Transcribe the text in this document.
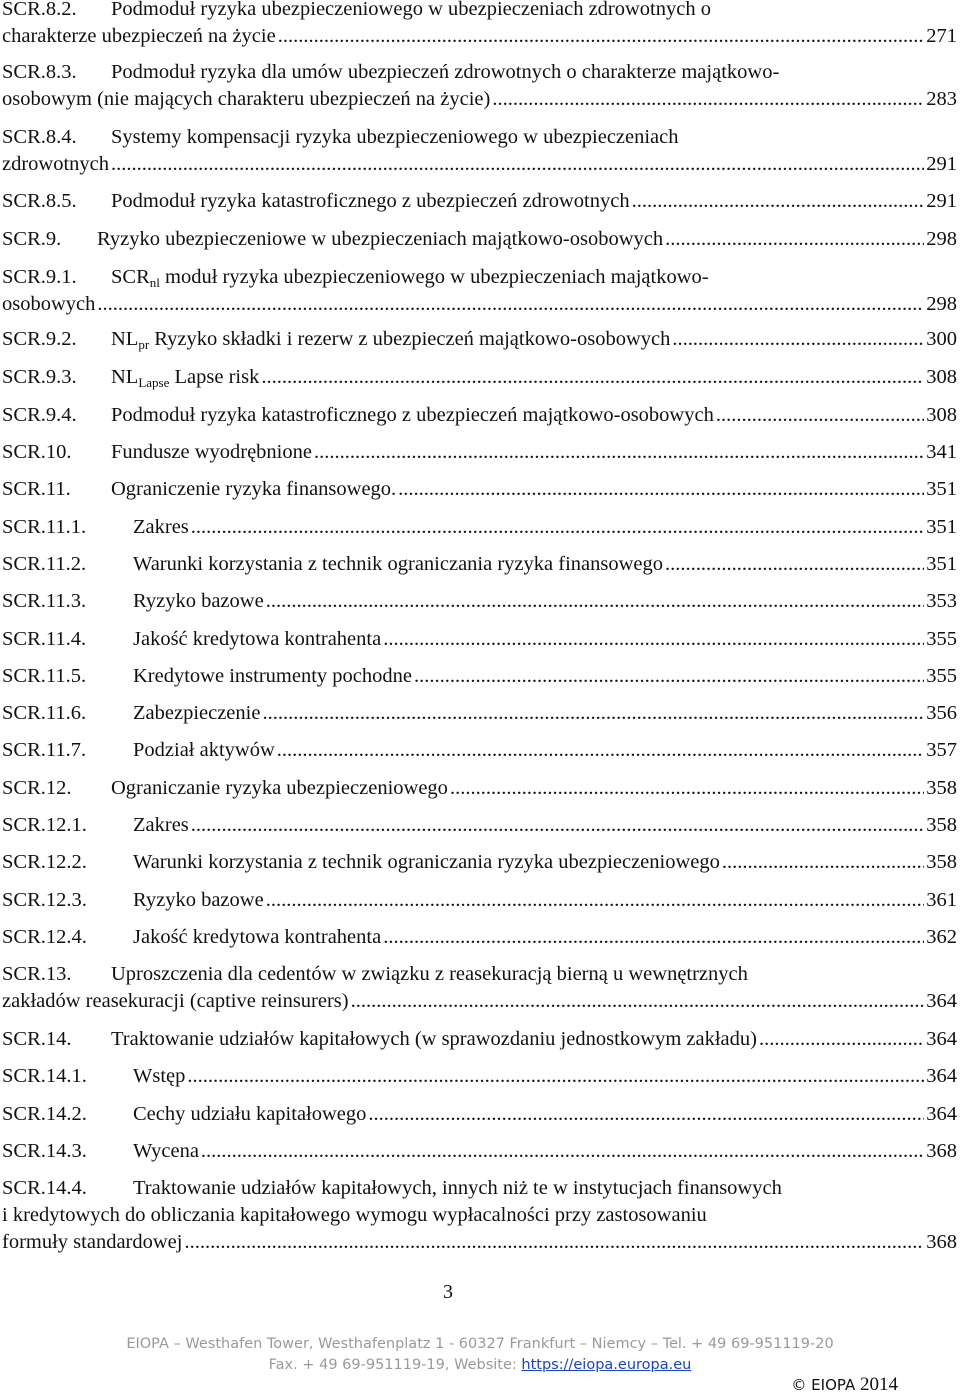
SCR.8.2. Podmoduł ryzyka ubezpieczeniowego w ubezpieczeniach zdrowotnych o
charakterze ubezpieczeń na życie .....	271
SCR.8.3. Podmoduł ryzyka dla umów ubezpieczeń zdrowotnych o charakterze majątkowo-
osobowym (nie mających charakteru ubezpieczeń na życie) .....	283
SCR.8.4. Systemy kompensacji ryzyka ubezpieczeniowego w ubezpieczeniach
zdrowotnych .....	291
SCR.8.5. Podmoduł ryzyka katastroficznego z ubezpieczeń zdrowotnych .....	291
SCR.9. Ryzyko ubezpieczeniowe w ubezpieczeniach majątkowo-osobowych .....	298
SCR.9.1. $SCR_{nl}$ moduł ryzyka ubezpieczeniowego w ubezpieczeniach majątkowo-
osobowych .....	298
SCR.9.2. $NL_{pr}$ Ryzyko składki i rezerw z ubezpieczeń majątkowo-osobowych .....	300
SCR.9.3. $NL_{Lapse}$ Lapse risk .....	308
SCR.9.4. Podmoduł ryzyka katastroficznego z ubezpieczeń majątkowo-osobowych .....	308
SCR.10. Fundusze wyodrębnione .....	341
SCR.11. Ograniczenie ryzyka finansowego. .....	351
SCR.11.1. Zakres .....	351
SCR.11.2. Warunki korzystania z technik ograniczania ryzyka finansowego .....	351
SCR.11.3. Ryzyko bazowe .....	353
SCR.11.4. Jakość kredytowa kontrahenta .....	355
SCR.11.5. Kredytowe instrumenty pochodne .....	355
SCR.11.6. Zabezpieczenie .....	356
SCR.11.7. Podział aktywów .....	357
SCR.12. Ograniczanie ryzyka ubezpieczeniowego .....	358
SCR.12.1. Zakres .....	358
SCR.12.2. Warunki korzystania z technik ograniczania ryzyka ubezpieczeniowego .....	358
SCR.12.3. Ryzyko bazowe .....	361
SCR.12.4. Jakość kredytowa kontrahenta .....	362
SCR.13. Uproszczenia dla cedentów w związku z reasekuracją bierną u wewnętrznych
zakładów reasekuracji (captive reinsurers) .....	364
SCR.14. Traktowanie udziałów kapitałowych (w sprawozdaniu jednostkowym zakładu) .....	364
SCR.14.1. Wstęp .....	364
SCR.14.2. Cechy udziału kapitałowego .....	364
SCR.14.3. Wycena .....	368
SCR.14.4. Traktowanie udziałów kapitałowych, innych niż te w instytucjach finansowych
i kredytowych do obliczania kapitałowego wymogu wypłacalności przy zastosowaniu
formuły standardowej .....	368
3
EIOPA – Westhafen Tower, Westhafenplatz 1 - 60327 Frankfurt – Niemcy – Tel. + 49 69-951119-20
Fax. + 49 69-951119-19, Website: https://eiopa.europa.eu
© EIOPA 2014
